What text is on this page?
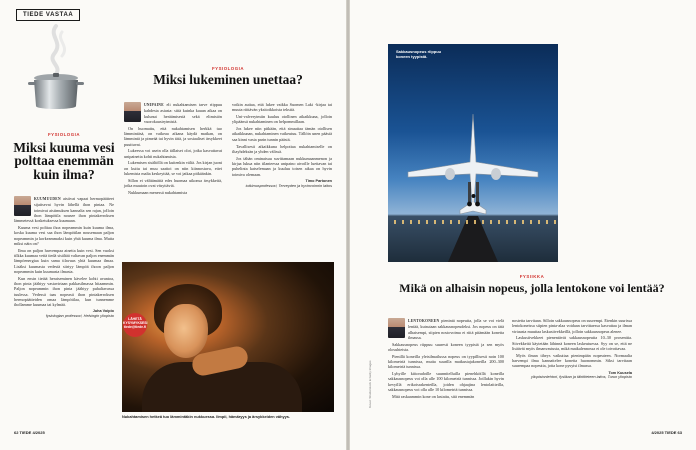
TIEDE VASTAA
FYSIOLOGIA
Miksi kuuma vesi polttaa enemmän kuin ilma?

KUUMUUDEN aistivat vapaat hermopäätteet sijaitsevat hyvin lähellä ihon pintaa. Ne toimivat aistimuksen kannalta sen rajan, jolloin ihon lämpötila nousee ihon pintakerroksen lämmetessä kosketuksessa kuumaan.

Kuuma vesi polttaa ihoa nopeammin kuin kuuma ilma, koska kuuma vesi saa ihon lämpötilan nousemaan paljon nopeammin ja korkeammaksi kuin yhtä kuuma ilma. Mutta miksi näin on?

Ilma on paljon harvempaa ainetta kuin vesi. Sen vuoksi tilkka kuumaa vettä tiedä sisältää valtavan paljon enemmän lämpöenergiaa kuin sama tilavuus yhtä kuumaa ilmaa. Lisäksi kuumasta vedestä siirtyy lämpöä ihoon paljon nopeammin kuin kuumasta ilmasta.

Kun ensin tietää heraiseminen kävelee kohti avantoa, ihon pinta jäähtyy vastavirtaan pakkasilmassa hitaammin. Paljon nopeammin ihon pinta jäähtyy puhaltavassa tuulessa. Vedessä taas nopeasti ihon pintakerroksen hermopäätteiden omaa lämpötilaa, kun tunnemme ihollamme kuumaa tai kylmää.

Juha Voipio
fysiologian professori, Helsingin yliopisto
FYSIOLOGIA
Miksi lukeminen unettaa?

UNIPAINE eli nukahtamisen tarve riippuu kahdesta asiasta: siitä kuinka kauan aikaa on kulunut heräämisestä sekä elimistön vuorokausirytmistä.

On huomattu, että nukahtamisen herkkä tuo lämmintäsä, on vaikeaa aikana käydä matkan, on lämmintä ja pimeää tai hyvin tätä, ja sosiaaliset ärsykkeet puuttuvat.

Lukeessa voi usein olla tällaiset olot, jotka kasvattavat unipainetta kohti nukahtamista.

Lukemisen sisältöllä on kuitenkin väliä. Jos kirjan juoni on kuitu tai muu saattoi on niin kiinnostava, ettei lukemista malta keskeyttää, se voi jatkaa pitkäänkin.

Sillon ei välttämättä edes huomaa uikonsa ärsykkeitä, jotka muutoin ovat väsyttäviä.

Nukkumaan menessä nukahtamista

voikin auttaa, että lukee vaikka Suomen Laki -kirjaa tai muuta riittävän yksitoikkoista tekstiä.

Uni-valverytmiin kuuluu otollinen aikaikkuna, jolloin ylipäänsä nukahtaminen on helpommillaan.

Jos lukee niin pitkään, että sinuuttaa tämän otollisen aikaikkunan, nukahtaminen vaikeutuu. Tällöin unen pääsiä saa kinni vasta parin tunnin päästä.

Tavallisesti aikaikkuna helpottaa nukahtamiselle on iltayhdeksän ja yhden välissä.

Jos tähän ominaisuu suvittamaan nukkumaanmenon ja kirjaa lukua niin tilanteessa unipaino aivoille luettavan tai puhelinta katselemaan ja kuuluu toisen aikaa on hyvin toimiva olemaan.

Timo Partonen
tutkimusprofessori, Terveyden ja hyvinvoinnin laitos
LÄHETÄ KYSYMYKSESI
tiede@tiede.fi
Nukahtamisen hetkeä tuo lämmintäkin nukkuessa. Ilmpii, hämäryys ja ärsykkeiden vähyys.
62 TIEDE 4/2025
Sakkausnopeus riippuu koneen tyypistä.
Kuvat: Shutterstock & Getty Images
FYSIIKKA
Mikä on alhaisin nopeus, jolla lentokone voi lentää?

LENTOKONEEN pienintä nopeutta, jolla se voi vielä lentää, kutsutaan sakkausnopeudeksi. Jos nopeus on tätä alhaisempi, siipien nostovoima ei riitä pitämään konetta ilmassa.

Sakkausnopeus riippuu suuresti koneen tyypistä ja sen myös olosuhteista.

Pienillä koneilla yleisilmailussa nopeus on tyypillisesti noin 100 kilometriä tunnissa, mutta suurilla matkustajakoneilla 200–300 kilometriä tunnissa.

Lyhyille kiitoradoille suunnitelluilla pienehköillä koneilla sakkausnopeus voi olla alle 100 kilometriä tunnissa. Joillakin hyvin kevyillä erikoisrakenteilla, joiden ohjaajina lentolaitteilla, sakkausnopeus voi olla alle 10 kilometriä tunnissa.

Mitä raskaammin kone on lastattu, sitä enemmän

nostetta tarvitaan. Silloin sakkausnopeus on suurempi. Etenkin suurissa lentokoneissa siipien pinta-alaa voidaan tarvittaessa kasvattaa ja ilman virtausta muuttaa laskusiivekkeillä, jolloin sakkausnopeus alenee.

Laskusiivekkeet pienentävät sakkausnopeutta 10–30 prosenttia. Siivekkeitä käytetään lähinnä koneen laskeutuessa. Syy on se, että ne lisäävät myös ilmanvastusta, mikä matkalennossa ei ole toivottavaa.

Myös ilman tiheys vaikuttaa pienimpään nopeuteen. Normaalia harvempi ilma kannattelee konetta huonommin. Siksi tarvitaan suurempaa nopeutta, jotta kone pysyisi ilmassa.

Tom Kuusela
yliopistonlehtori, fysiikan ja tähtitieteen laitos, Turun yliopisto
4/2025 TIEDE 63
